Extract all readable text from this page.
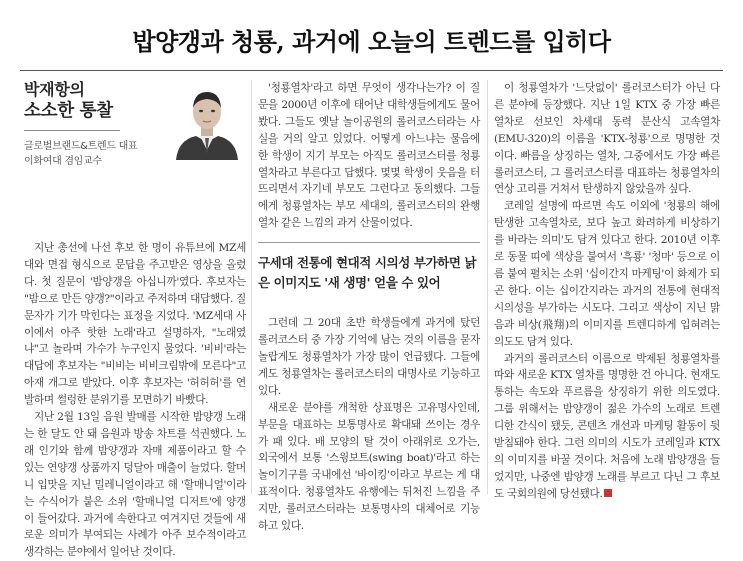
밥양갱과 청룡, 과거에 오늘의 트렌드를 입히다
박재항의
소소한 통찰
글로벌브랜드&트렌드 대표
이화여대 겸임교수

지난 총선에 나선 후보 한 명이 유튜브에 MZ세대와 면접 형식으로 문답을 주고받은 영상을 올렸다. 첫 질문이 '밤양갱을 아십니까'였다. 후보자는 "밤으로 만든 양갱?"이라고 주저하며 대답했다. 질문자가 기가 막힌다는 표정을 지었다. 'MZ세대 사이에서 아주 핫한 노래'라고 설명하자, "노래였냐"고 놀라며 가수가 누구인지 물었다. '비비'라는 대답에 후보자는 "비비는 비비크림밖에 모른다"고 아재 개그로 받았다. 이후 후보자는 '허허허'를 연발하며 썰렁한 분위기를 모면하기 바빴다.

지난 2월 13일 음원 발매를 시작한 밤양갱 노래는 한 달도 안 돼 음원과 방송 차트를 석권했다. 노래 인기와 함께 밤양갱과 자매 제품이라고 할 수 있는 연양갱 상품까지 덩달아 매출이 늘었다. 할머니 입맛을 지닌 밀레니얼이라고 해 '할매니얼'이라는 수식어가 붙은 소위 '할매니얼 디저트'에 양갱이 들어갔다. 과거에 속한다고 여겨지던 것들에 새로운 의미가 부여되는 사례가 아주 보수적이라고 생각하는 분야에서 일어난 것이다.

'청룡열차'라고 하면 무엇이 생각나는가? 이 질문을 2000년 이후에 태어난 대학생들에게도 물어봤다. 그들도 옛날 놀이공원의 롤러코스터라는 사실을 거의 알고 있었다. 어떻게 아느냐는 물음에 한 학생이 지기 부모는 아직도 롤러코스터를 청룡열차라고 부른다고 답했다. 몇몇 학생이 웃음을 터뜨리면서 자기네 부모도 그런다고 동의했다. 그들에게 청룡열차는 부모 세대의, 롤러코스터의 완행열차 같은 느낌의 과거 산물이었다.

구세대 전통에 현대적 시의성 부가하면 낡은 이미지도 '새 생명' 얻을 수 있어

그런데 그 20대 초반 학생들에게 과거에 탔던 롤러코스터 중 가장 기억에 남는 것의 이름을 묻자 놀랍게도 청룡열차가 가장 많이 언급됐다. 그들에게도 청룡열차는 롤러코스터의 대명사로 기능하고 있다.

새로운 분야를 개척한 상표명은 고유명사인데, 부문을 대표하는 보통명사로 확대돼 쓰이는 경우가 패 있다. 배 모양의 탈 것이 아래위로 오가는, 외국에서 보통 '스윙보트(swing boat)'라고 하는 놀이기구를 국내에선 '바이킹'이라고 부르는 게 대표적이다. 청룡열차도 유행에는 뒤처진 느낌을 주지만, 롤러코스터라는 보통명사의 대체어로 기능하고 있다.

이 청룡열차가 '느닷없이' 롤러코스터가 아닌 다른 분야에 등장했다. 지난 1일 KTX 중 가장 빠른 열차로 선보인 차세대 동력 분산식 고속열차(EMU-320)의 이름을 'KTX-청룡'으로 명명한 것이다. 빠름을 상징하는 열차, 그중에서도 가장 빠른 롤러코스터, 그 롤러코스터를 대표하는 청룡열차의 연상 고리를 거쳐서 탄생하지 않았을까 싶다.

코레일 설명에 따르면 속도 이외에 '청룡의 해에 탄생한 고속열차로, 보다 높고 화려하게 비상하기를 바라는 의미'도 담겨 있다고 한다. 2010년 이후로 동물 띠에 색상을 붙여서 '흑룡' '청마' 등으로 이름 붙여 펼치는 소위 '십이간지 마케팅'이 화제가 되곤 한다. 이는 십이간지라는 과거의 전통에 현대적 시의성을 부가하는 시도다. 그리고 색상이 지닌 맑음과 비상(飛翔)의 이미지를 트렌디하게 입혀려는 의도도 담겨 있다.

과거의 롤러코스터 이름으로 박제된 청룡열차를 따와 새로운 KTX 열차를 명명한 건 아니다. 현재도 통하는 속도와 푸르름을 상징하기 위한 의도였다. 그룹 위해서는 밤양갱이 젊은 가수의 노래로 트렌디한 간식이 됐듯, 콘텐츠 개선과 마케팅 활동이 뒷받침돼야 한다. 그런 의미의 시도가 코레일과 KTX의 이미지를 바꿀 것이다. 처음에 노래 밤양갱을 들었지만, 나중엔 밤양갱 노래를 부르고 다닌 그 후보도 국회의원에 당선됐다.
